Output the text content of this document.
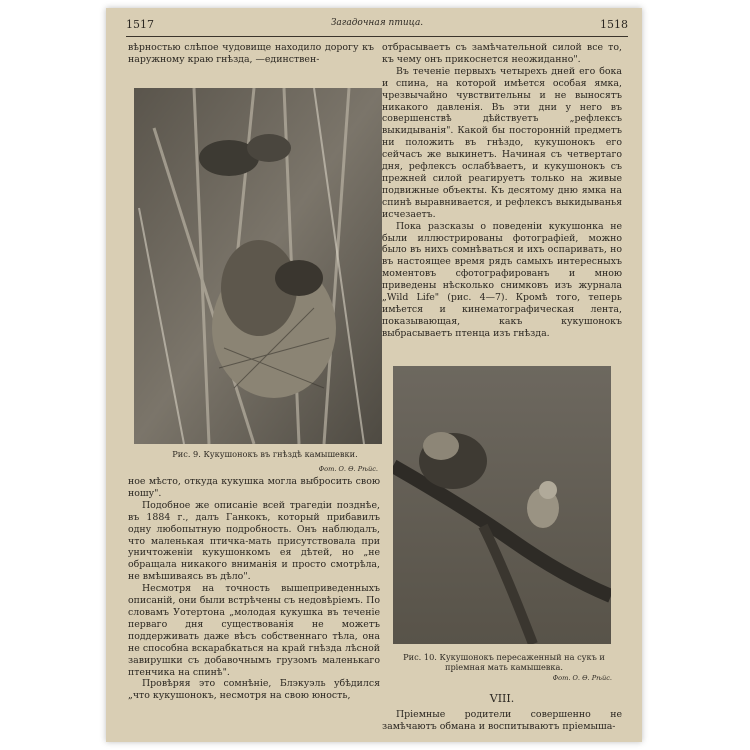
1517	Загадочная птица.	1518

вѣрностью слѣпое чудовище находило дорогу къ наружному краю гнѣзда, —единствен-

Рис. 9. Кукушонокъ въ гнѣздѣ камышевки.
Фот. О. Ѳ. Рѣйс.

ное мѣсто, откуда кукушка могла выбросить свою ношу".

Подобное же описаніе всей трагедіи позднѣе, въ 1884 г., далъ Ганкокъ, который прибавилъ одну любопытную подробность. Онъ наблюдалъ, что маленькая птичка-мать присутствовала при уничтоженіи кукушонкомъ ея дѣтей, но „не обращала никакого вниманія и просто смотрѣла, не вмѣшиваясь въ дѣло".

Несмотря на точность вышеприведенныхъ описаній, они были встрѣчены съ недовѣріемъ. По словамъ Уотертона „молодая кукушка въ теченіе перваго дня существованія не можетъ поддерживать даже вѣсъ собственнаго тѣла, она не способна вскарабкаться на край гнѣзда лѣсной завирушки съ добавочнымъ грузомъ маленькаго птенчика на спинѣ".

Провѣряя это сомнѣніе, Блэкуэль убѣдился „что кукушонокъ, несмотря на свою юность,

отбрасываетъ съ замѣчательной силой все то, къ чему онъ прикоснется неожиданно".

Въ теченіе первыхъ четырехъ дней его бока и спина, на которой имѣется особая ямка, чрезвычайно чувствительны и не выносятъ никакого давленія. Въ эти дни у него въ совершенствѣ дѣйствуетъ „рефлексъ выкидыванія". Какой бы посторонній предметъ ни положить въ гнѣздо, кукушонокъ его сейчасъ же выкинетъ. Начиная съ четвертаго дня, рефлексъ ослабѣваетъ, и кукушонокъ съ прежней силой реагируетъ только на живые подвижные объекты. Къ десятому дню ямка на спинѣ выравнивается, и рефлексъ выкидыванья исчезаетъ.

Пока разсказы о поведеніи кукушонка не были иллюстрированы фотографіей, можно было въ нихъ сомнѣваться и ихъ оспаривать, но въ настоящее время рядъ самыхъ интересныхъ моментовъ сфотографированъ и мною приведены нѣсколько снимковъ изъ журнала „Wild Life" (рис. 4—7). Кромѣ того, теперь имѣется и кинематографическая лента, показывающая, какъ кукушонокъ выбрасываетъ птенца изъ гнѣзда.

Рис. 10. Кукушонокъ пересаженный на сукъ и пріемная мать камышевка.
Фот. О. Ѳ. Рѣйс.
VIII.

Пріемные родители совершенно не замѣчаютъ обмана и воспитываютъ пріемыша-
